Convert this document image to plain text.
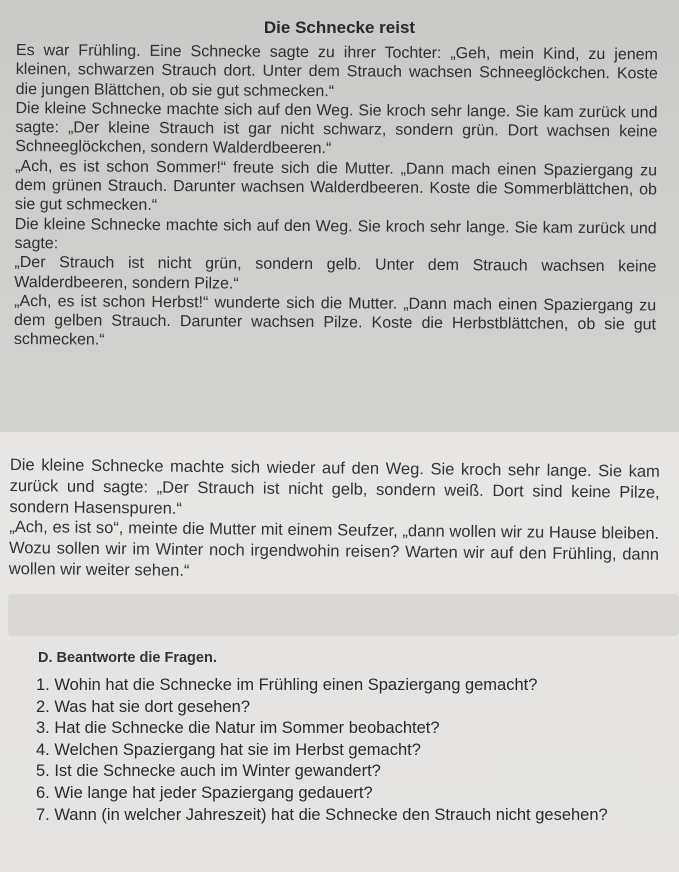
Die Schnecke reist

Es war Frühling. Eine Schnecke sagte zu ihrer Tochter: „Geh, mein Kind, zu jenem kleinen, schwarzen Strauch dort. Unter dem Strauch wachsen Schneeglöckchen. Koste die jungen Blättchen, ob sie gut schmecken.“

Die kleine Schnecke machte sich auf den Weg. Sie kroch sehr lange. Sie kam zurück und sagte: „Der kleine Strauch ist gar nicht schwarz, sondern grün. Dort wachsen keine Schneeglöckchen, sondern Walderdbeeren.“

„Ach, es ist schon Sommer!“ freute sich die Mutter. „Dann mach einen Spaziergang zu dem grünen Strauch. Darunter wachsen Walderdbeeren. Koste die Sommerblättchen, ob sie gut schmecken.“

Die kleine Schnecke machte sich auf den Weg. Sie kroch sehr lange. Sie kam zurück und sagte:

„Der Strauch ist nicht grün, sondern gelb. Unter dem Strauch wachsen keine Walderdbeeren, sondern Pilze.“

„Ach, es ist schon Herbst!“ wunderte sich die Mutter. „Dann mach einen Spaziergang zu dem gelben Strauch. Darunter wachsen Pilze. Koste die Herbstblättchen, ob sie gut schmecken.“

Die kleine Schnecke machte sich wieder auf den Weg. Sie kroch sehr lange. Sie kam zurück und sagte: „Der Strauch ist nicht gelb, sondern weiß. Dort sind keine Pilze, sondern Hasenspuren.“

„Ach, es ist so“, meinte die Mutter mit einem Seufzer, „dann wollen wir zu Hause bleiben. Wozu sollen wir im Winter noch irgendwohin reisen? Warten wir auf den Frühling, dann wollen wir weiter sehen.“

D. Beantworte die Fragen.
1. Wohin hat die Schnecke im Frühling einen Spaziergang gemacht?
2. Was hat sie dort gesehen?
3. Hat die Schnecke die Natur im Sommer beobachtet?
4. Welchen Spaziergang hat sie im Herbst gemacht?
5. Ist die Schnecke auch im Winter gewandert?
6. Wie lange hat jeder Spaziergang gedauert?
7. Wann (in welcher Jahreszeit) hat die Schnecke den Strauch nicht gesehen?
